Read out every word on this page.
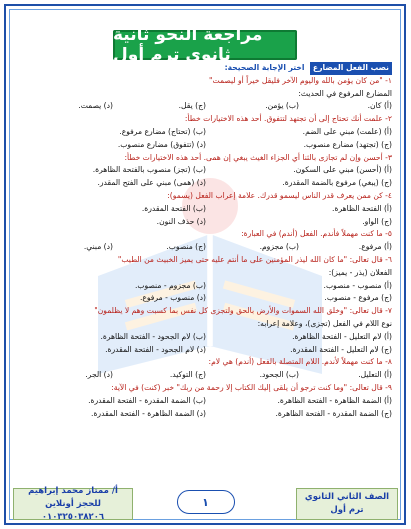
مراجعة النحو ثانية ثانوي ترم أول
نصب الفعل المضارع اختر الإجابة الصحيحة:
١- "من كان يؤمن بالله واليوم الآخر فليقل خيراً أو ليصمت"
المضارع المرفوع في الحديث:
(أ) كان.
(ب) يؤمن.
(ج) يقل.
(د) يصمت.
٢- علمت أنك تحتاج إلى أن تجتهد لتتفوق. أحد هذه الاختيارات خطأ:
(أ) (علمت) مبني على الضم.
(ب) (تحتاج) مضارع مرفوع.
(ج) (تجتهد) مضارع منصوب.
(د) (تتفوق) مضارع منصوب.
٣- أحسن وإن لم تجازى بالثنا أي الجزاء الغيث يبغي إن همى. أحد هذه الاختيارات خطأ:
(أ) (أحسن) مبني على السكون.
(ب) (تجز) منصوب بالفتحة الظاهرة.
(ج) (يبغي) مرفوع بالضمة المقدرة.
(د) (همى) مبني على الفتح المقدر.
٤- كن ممن يعرف قدر الناس ليسمو قدرك. علامة إعراب الفعل (يسمو):
(أ) الفتحة الظاهرة.
(ب) الفتحة المقدرة.
(ج) الواو.
(د) حذف النون.
٥- ما كنت مهملاً فأندم. الفعل (أندم) في العبارة:
(أ) مرفوع.
(ب) مجزوم.
(ج) منصوب.
(د) مبني.
٦- قال تعالى: "ما كان الله ليذر المؤمنين على ما أنتم عليه حتى يميز الخبيث من الطيب"
الفعلان (يذر - يميز):
(أ) منصوب - منصوب.
(ب) مجزوم - منصوب.
(ج) مرفوع - منصوب.
(د) منصوب - مرفوع.
٧- قال تعالى: "وخلق الله السموات والأرض بالحق ولتجزى كل نفس بما كسبت وهم لا يظلمون"
نوع اللام في الفعل (تجزى)، وعلامة إعرابه:
(أ) لام التعليل - الفتحة الظاهرة.
(ب) لام الجحود - الفتحة الظاهرة.
(ج) لام التعليل - الفتحة المقدرة.
(د) لام الجحود - الفتحة المقدرة.
٨- ما كنت مهملاً لأندم. اللام المتصلة بالفعل (أندم) هي لام:
(أ) التعليل.
(ب) الجحود.
(ج) التوكيد.
(د) الجر.
٩- قال تعالى: "وما كنت ترجو أن يلقى إليك الكتاب إلا رحمة من ربك" خبر (كنت) في الآية:
(أ) الضمة الظاهرة - الفتحة الظاهرة.
(ب) الضمة المقدرة - الفتحة المقدرة.
(ج) الضمة المقدرة - الفتحة الظاهرة.
(د) الضمة الظاهرة - الفتحة المقدرة.
أ/ ممتاز محمد إبراهيم
للحجز أونلاين ٠١٠٣٢٥٠٣٨٢٠٦
١	الصف الثاني الثانوي
ترم أول
